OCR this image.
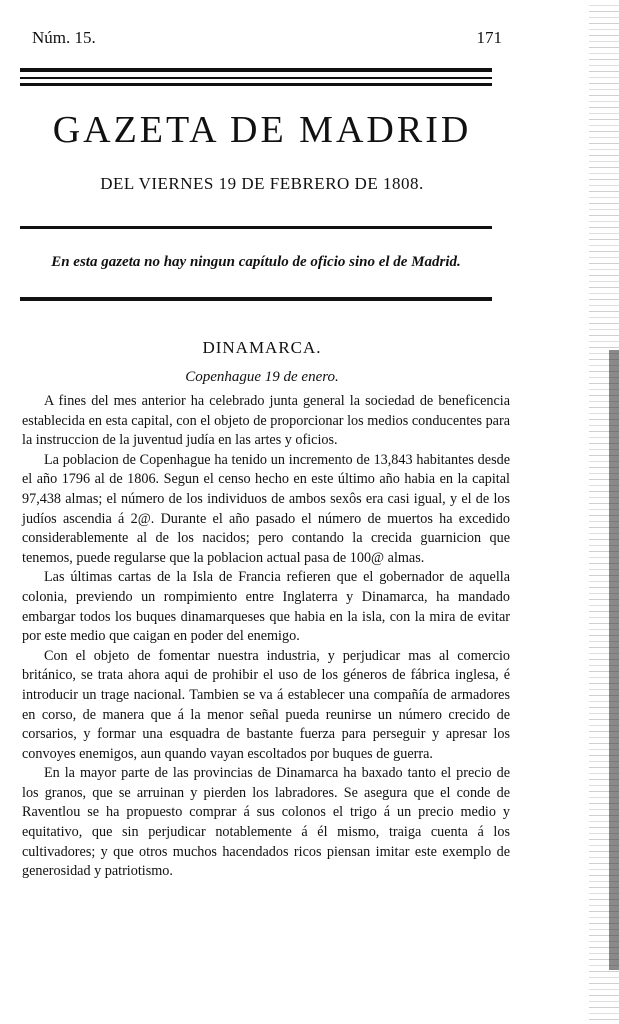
Núm. 15.	171
GAZETA DE MADRID
DEL VIERNES 19 DE FEBRERO DE 1808.
En esta gazeta no hay ningun capítulo de oficio sino el de Madrid.
DINAMARCA.
Copenhague 19 de enero.

A fines del mes anterior ha celebrado junta general la sociedad de beneficencia establecida en esta capital, con el objeto de proporcionar los medios conducentes para la instruccion de la juventud judía en las artes y oficios.

La poblacion de Copenhague ha tenido un incremento de 13,843 habitantes desde el año 1796 al de 1806. Segun el censo hecho en este último año habia en la capital 97,438 almas; el número de los individuos de ambos sexôs era casi igual, y el de los judíos ascendia á 2@. Durante el año pasado el número de muertos ha excedido considerablemente al de los nacidos; pero contando la crecida guarnicion que tenemos, puede regularse que la poblacion actual pasa de 100@ almas.

Las últimas cartas de la Isla de Francia refieren que el gobernador de aquella colonia, previendo un rompimiento entre Inglaterra y Dinamarca, ha mandado embargar todos los buques dinamarqueses que habia en la isla, con la mira de evitar por este medio que caigan en poder del enemigo.

Con el objeto de fomentar nuestra industria, y perjudicar mas al comercio británico, se trata ahora aqui de prohibir el uso de los géneros de fábrica inglesa, é introducir un trage nacional. Tambien se va á establecer una compañía de armadores en corso, de manera que á la menor señal pueda reunirse un número crecido de corsarios, y formar una esquadra de bastante fuerza para perseguir y apresar los convoyes enemigos, aun quando vayan escoltados por buques de guerra.

En la mayor parte de las provincias de Dinamarca ha baxado tanto el precio de los granos, que se arruinan y pierden los labradores. Se asegura que el conde de Raventlou se ha propuesto comprar á sus colonos el trigo á un precio medio y equitativo, que sin perjudicar notablemente á él mismo, traiga cuenta á los cultivadores; y que otros muchos hacendados ricos piensan imitar este exemplo de generosidad y patriotismo.
